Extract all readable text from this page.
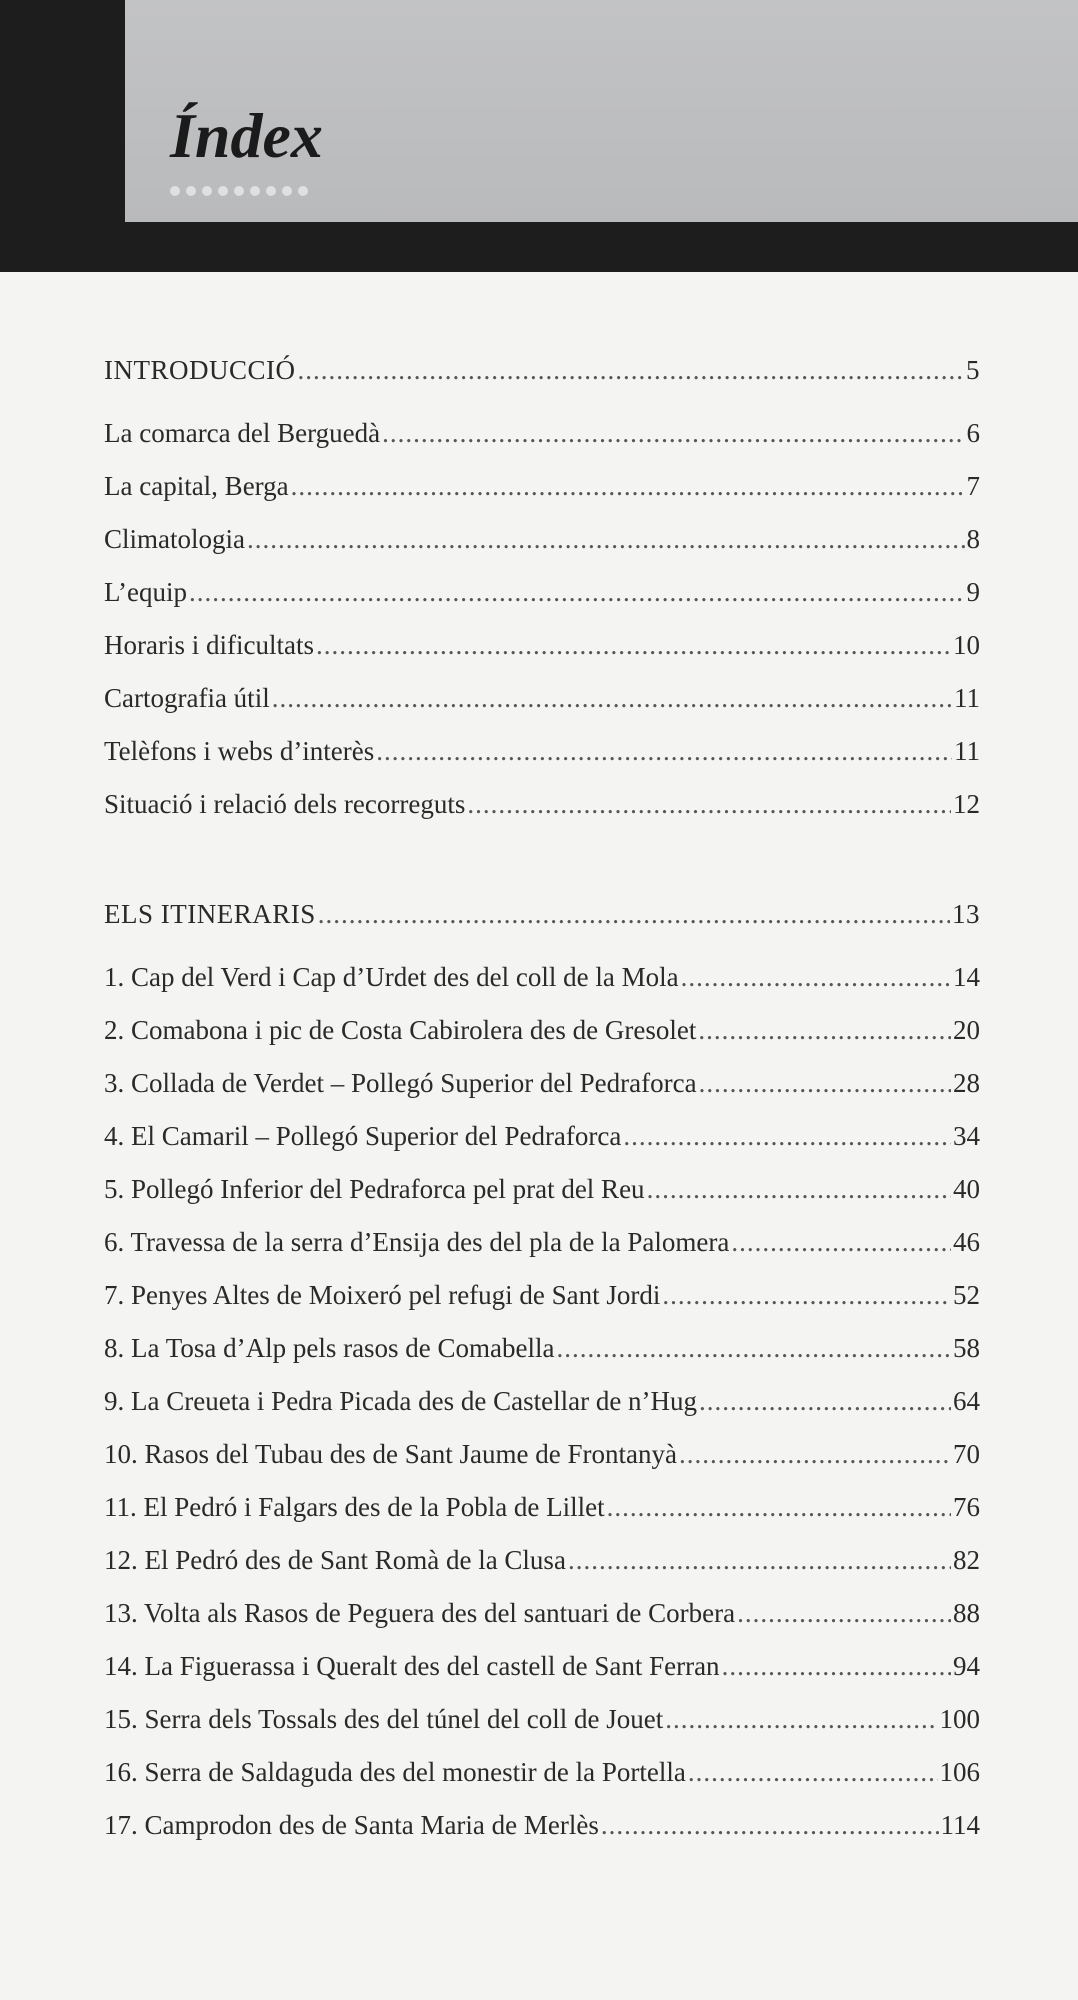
Índex
INTRODUCCIÓ .....	5
La comarca del Berguedà .....	6
La capital, Berga .....	7
Climatologia .....	8
L’equip .....	9
Horaris i dificultats .....	10
Cartografia útil .....	11
Telèfons i webs d’interès .....	11
Situació i relació dels recorreguts .....	12
ELS ITINERARIS .....	13
1. Cap del Verd i Cap d’Urdet des del coll de la Mola .....	14
2. Comabona i pic de Costa Cabirolera des de Gresolet .....	20
3. Collada de Verdet – Pollegó Superior del Pedraforca .....	28
4. El Camaril – Pollegó Superior del Pedraforca .....	34
5. Pollegó Inferior del Pedraforca pel prat del Reu .....	40
6. Travessa de la serra d’Ensija des del pla de la Palomera .....	46
7. Penyes Altes de Moixeró pel refugi de Sant Jordi .....	52
8. La Tosa d’Alp pels rasos de Comabella .....	58
9. La Creueta i Pedra Picada des de Castellar de n’Hug .....	64
10. Rasos del Tubau des de Sant Jaume de Frontanyà .....	70
11. El Pedró i Falgars des de la Pobla de Lillet .....	76
12. El Pedró des de Sant Romà de la Clusa .....	82
13. Volta als Rasos de Peguera des del santuari de Corbera .....	88
14. La Figuerassa i Queralt des del castell de Sant Ferran .....	94
15. Serra dels Tossals des del túnel del coll de Jouet .....	100
16. Serra de Saldaguda des del monestir de la Portella .....	106
17. Camprodon des de Santa Maria de Merlès .....	114
